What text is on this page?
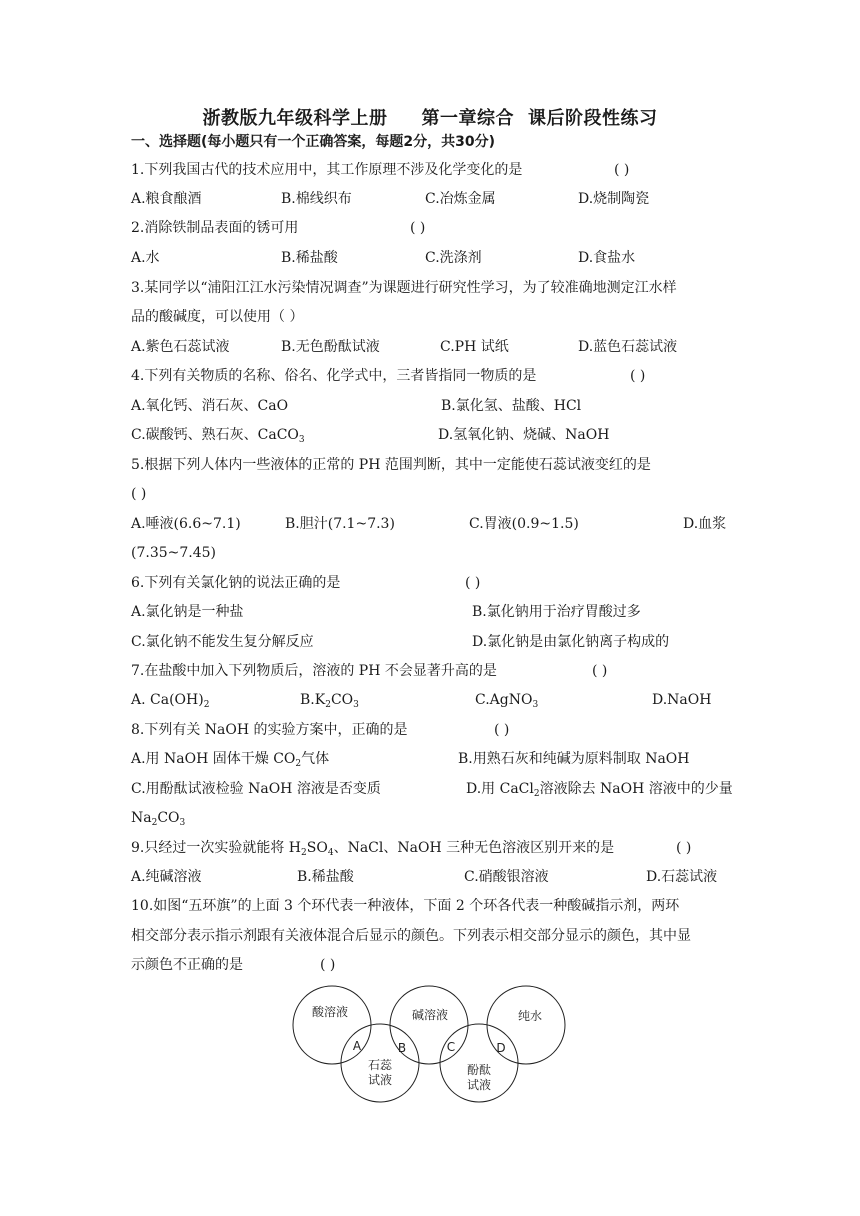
浙教版九年级科学上册 第一章综合 课后阶段性练习
一、选择题(每小题只有一个正确答案，每题2分，共30分)
1.下列我国古代的技术应用中，其工作原理不涉及化学变化的是	( )
A.粮食酿酒	B.棉线织布	C.冶炼金属	D.烧制陶瓷
2.消除铁制品表面的锈可用	( )
A.水	B.稀盐酸	C.洗涤剂	D.食盐水
3.某同学以“浦阳江江水污染情况调查”为课题进行研究性学习，为了较准确地测定江水样
品的酸碱度，可以使用（ ）
A.紫色石蕊试液	B.无色酚酞试液	C.PH 试纸	D.蓝色石蕊试液
4.下列有关物质的名称、俗名、化学式中，三者皆指同一物质的是	( )
A.氧化钙、消石灰、CaO	B.氯化氢、盐酸、HCl
C.碳酸钙、熟石灰、CaCO$_3$	D.氢氧化钠、烧碱、NaOH
5.根据下列人体内一些液体的正常的 PH 范围判断，其中一定能使石蕊试液变红的是
( )
A.唾液(6.6~7.1)	B.胆汁(7.1~7.3)	C.胃液(0.9~1.5)	D.血浆
(7.35~7.45)
6.下列有关氯化钠的说法正确的是	( )
A.氯化钠是一种盐	B.氯化钠用于治疗胃酸过多
C.氯化钠不能发生复分解反应	D.氯化钠是由氯化钠离子构成的
7.在盐酸中加入下列物质后，溶液的 PH 不会显著升高的是	( )
A. $Ca(OH)_2$	$B.K_2CO_3$	C.AgNO$_3$	D.NaOH
8.下列有关 NaOH 的实验方案中，正确的是	( )
A.用 NaOH 固体干燥 $CO_2$气体	B.用熟石灰和纯碱为原料制取 NaOH
C.用酚酞试液检验 NaOH 溶液是否变质	D.用 CaCl$_2$溶液除去 NaOH 溶液中的少量
$Na_2CO_3$
9.只经过一次实验就能将 $H_2SO_4$、NaCl、NaOH 三种无色溶液区别开来的是	( )
A.纯碱溶液	B.稀盐酸	C.硝酸银溶液	D.石蕊试液
10.如图“五环旗”的上面 3 个环代表一种液体，下面 2 个环各代表一种酸碱指示剂，两环
相交部分表示指示剂跟有关液体混合后显示的颜色。下列表示相交部分显示的颜色，其中显
示颜色不正确的是	( )
酸溶液	碱溶液	纯水
石蕊
试液
酚酞
试液
A	B	C	D
